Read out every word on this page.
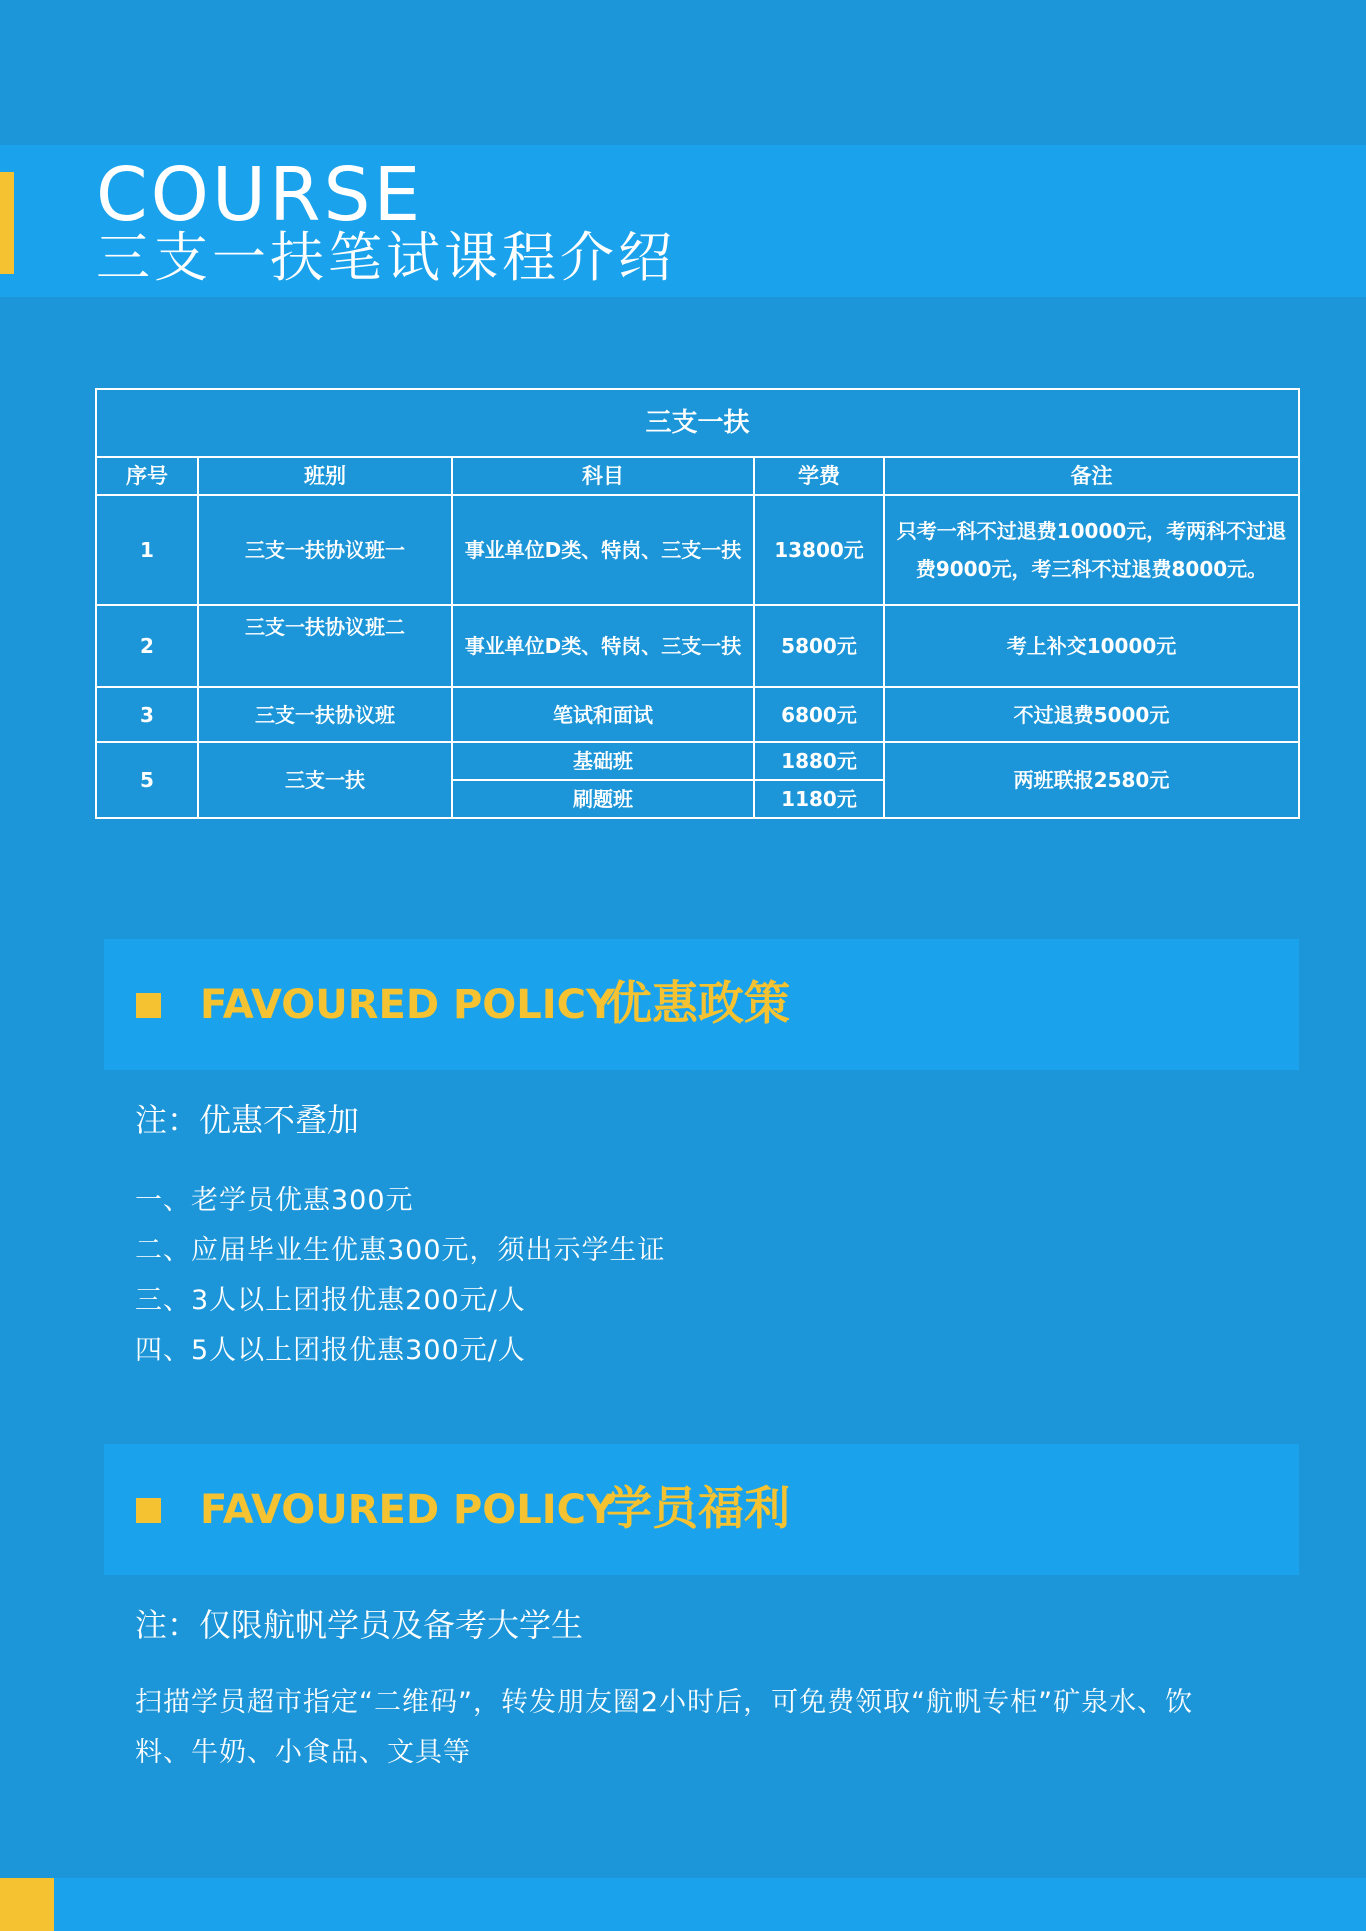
COURSE
三支一扶笔试课程介绍
三支一扶				
序号	班别	科目	学费	备注
1	三支一扶协议班一	事业单位D类、特岗、三支一扶	13800元	只考一科不过退费10000元，考两科不过退费9000元，考三科不过退费8000元。
2	三支一扶协议班二	事业单位D类、特岗、三支一扶	5800元	考上补交10000元
3	三支一扶协议班	笔试和面试	6800元	不过退费5000元
5	三支一扶	基础班	1880元	两班联报2580元
		刷题班	1180元	
FAVOURED POLICY
优惠政策
注：优惠不叠加
一、老学员优惠300元
二、应届毕业生优惠300元，须出示学生证
三、3人以上团报优惠200元/人
四、5人以上团报优惠300元/人
FAVOURED POLICY
学员福利
注：仅限航帆学员及备考大学生
扫描学员超市指定“二维码”，转发朋友圈2小时后，可免费领取“航帆专柜”矿泉水、饮料、牛奶、小食品、文具等
